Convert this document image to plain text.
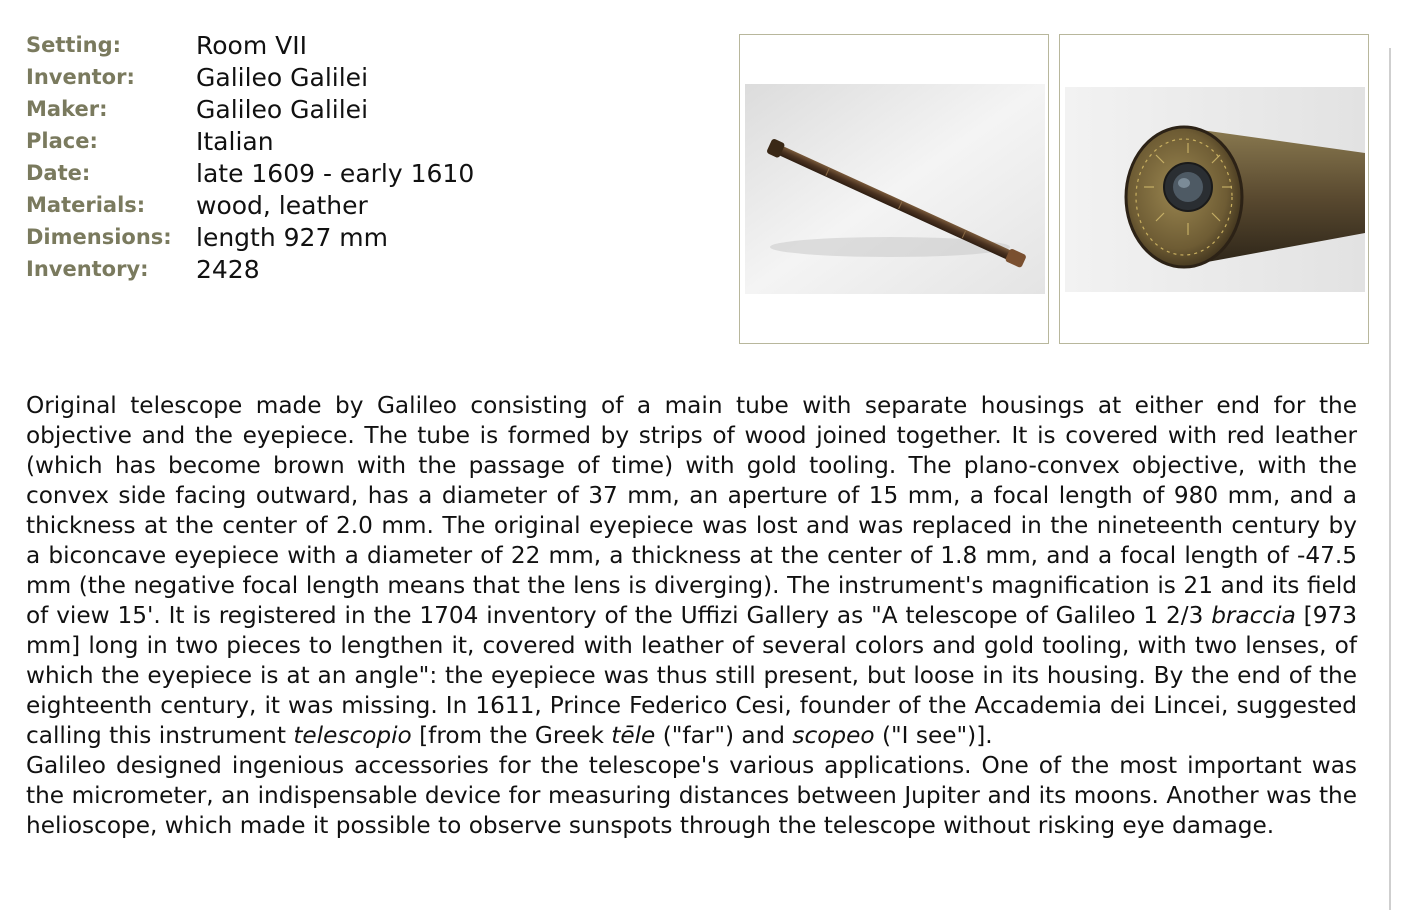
Setting:	Room VII
Inventor:	Galileo Galilei
Maker:	Galileo Galilei
Place:	Italian
Date:	late 1609 - early 1610
Materials:	wood, leather
Dimensions:	length 927 mm
Inventory:	2428

Original telescope made by Galileo consisting of a main tube with separate housings at either end for the objective and the eyepiece. The tube is formed by strips of wood joined together. It is covered with red leather (which has become brown with the passage of time) with gold tooling. The plano-convex objective, with the convex side facing outward, has a diameter of 37 mm, an aperture of 15 mm, a focal length of 980 mm, and a thickness at the center of 2.0 mm. The original eyepiece was lost and was replaced in the nineteenth century by a biconcave eyepiece with a diameter of 22 mm, a thickness at the center of 1.8 mm, and a focal length of -47.5 mm (the negative focal length means that the lens is diverging). The instrument's magnification is 21 and its field of view 15'. It is registered in the 1704 inventory of the Uffizi Gallery as "A telescope of Galileo 1 2/3 braccia [973 mm] long in two pieces to lengthen it, covered with leather of several colors and gold tooling, with two lenses, of which the eyepiece is at an angle": the eyepiece was thus still present, but loose in its housing. By the end of the eighteenth century, it was missing. In 1611, Prince Federico Cesi, founder of the Accademia dei Lincei, suggested calling this instrument telescopio [from the Greek tēle ("far") and scopeo ("I see")].

Galileo designed ingenious accessories for the telescope's various applications. One of the most important was the micrometer, an indispensable device for measuring distances between Jupiter and its moons. Another was the helioscope, which made it possible to observe sunspots through the telescope without risking eye damage.
